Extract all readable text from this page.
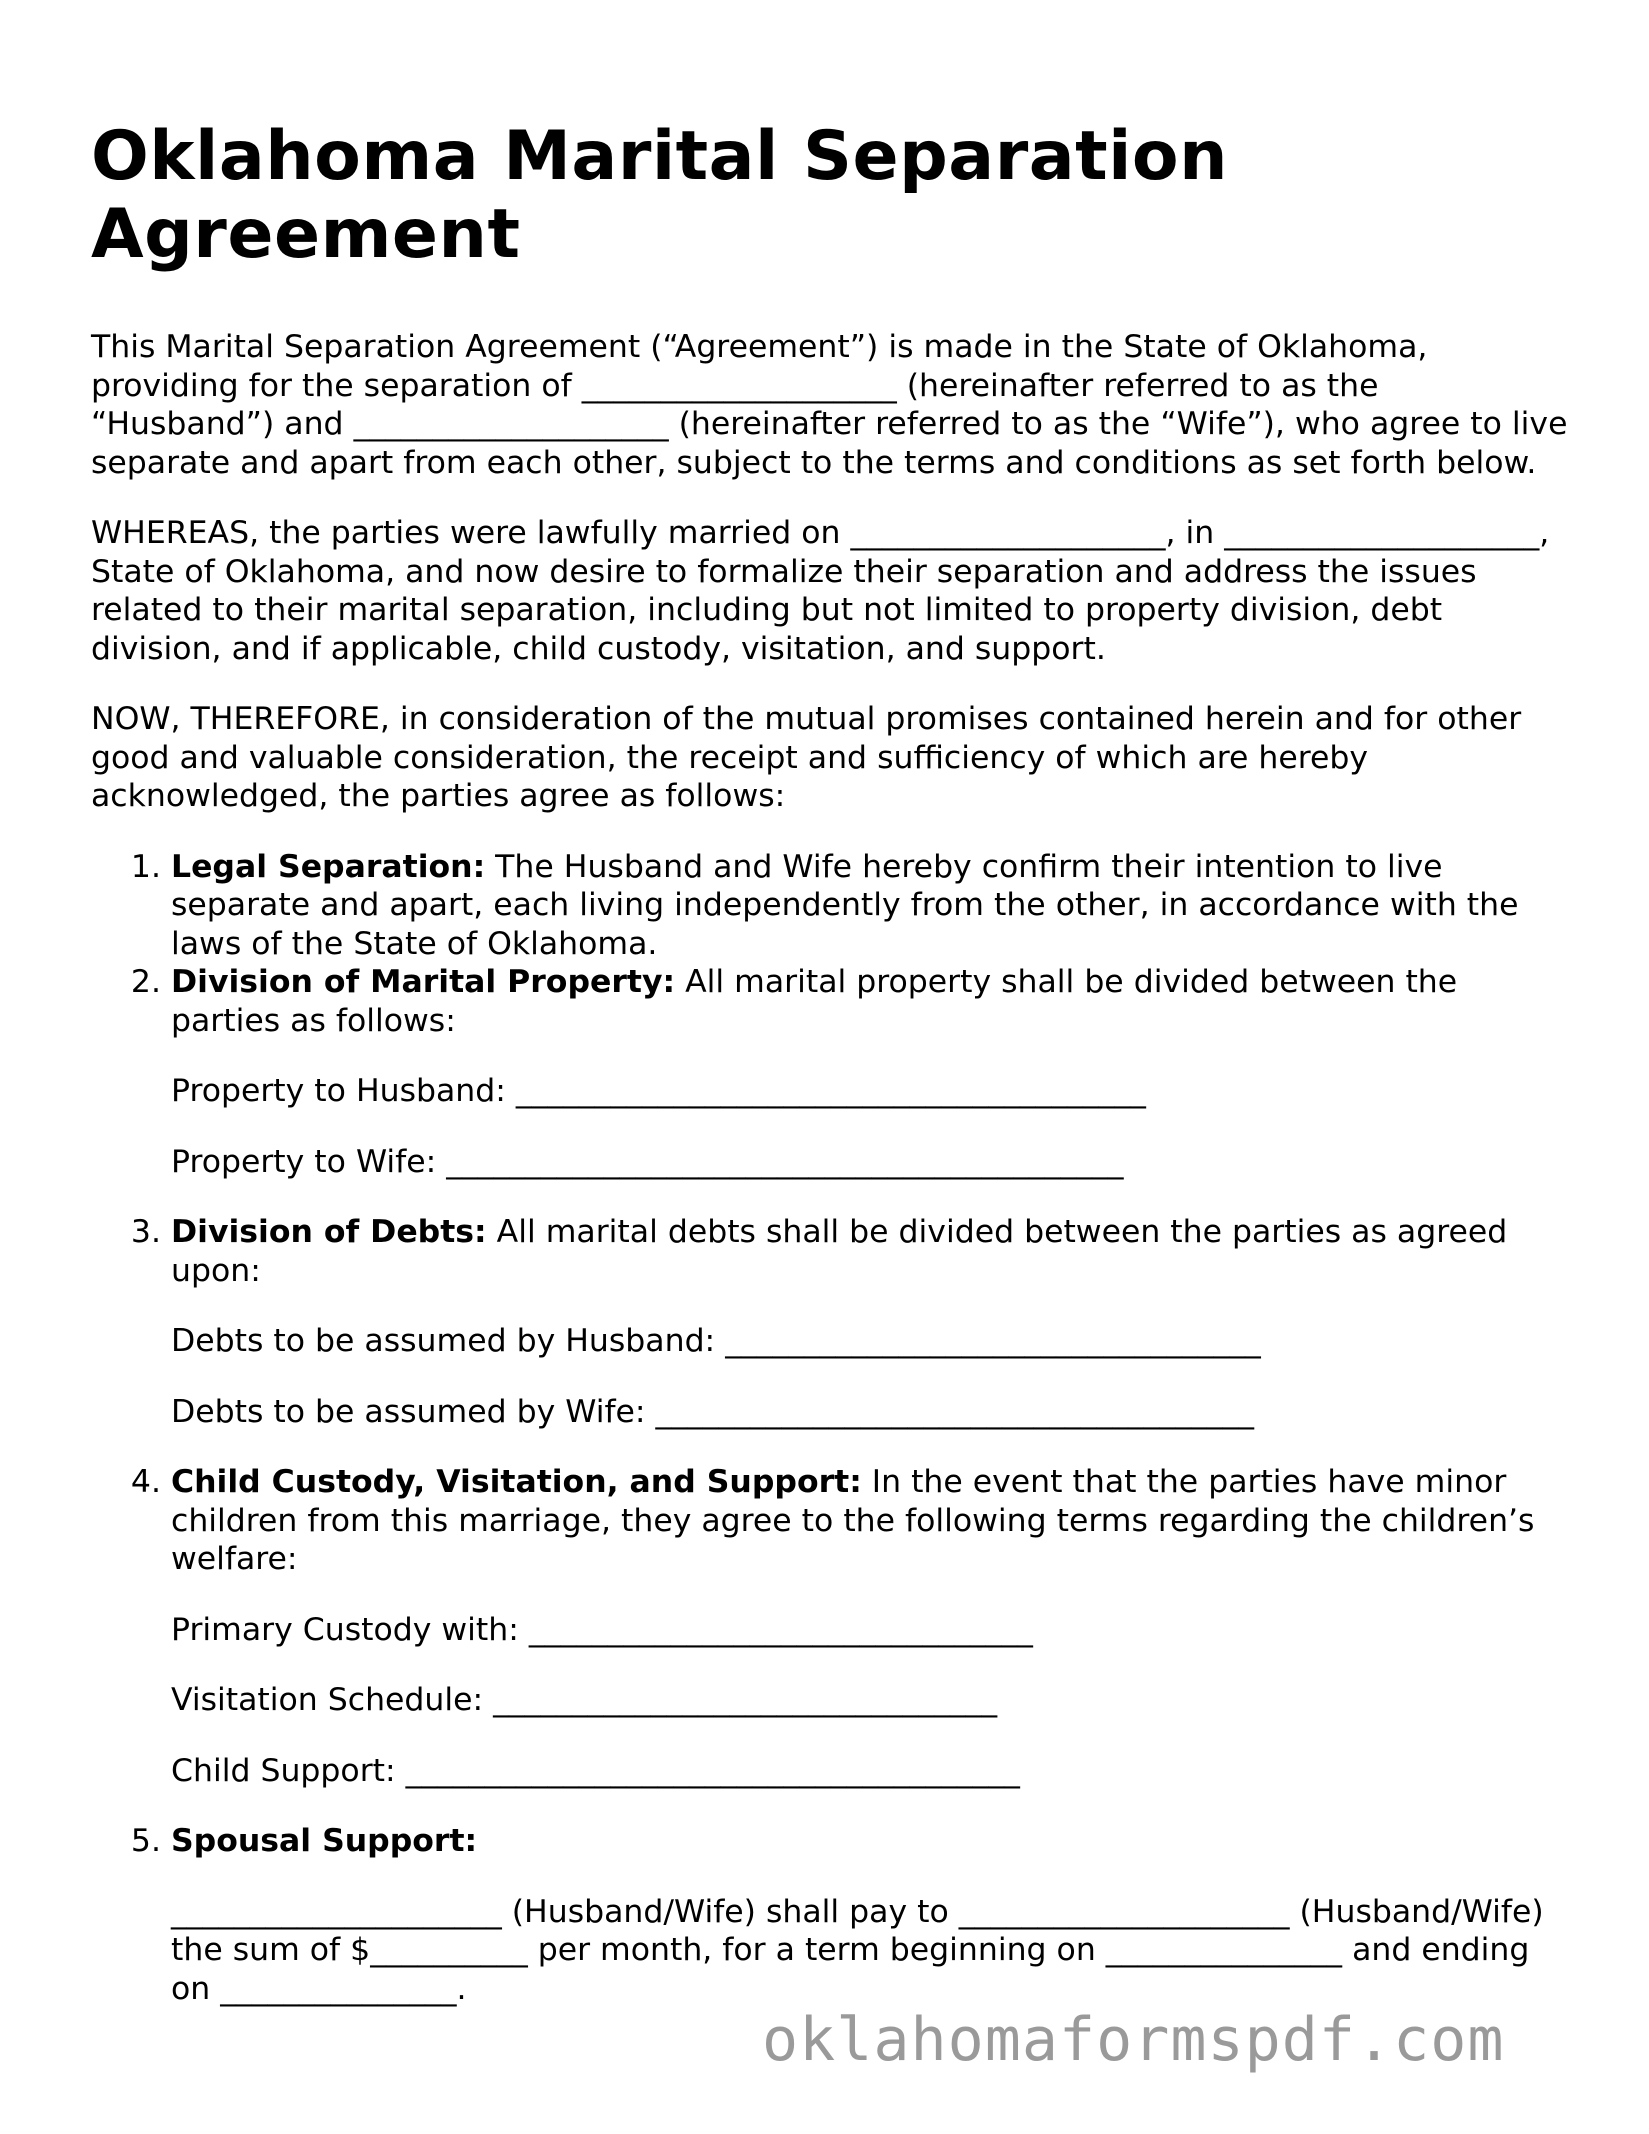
Oklahoma Marital Separation Agreement

This Marital Separation Agreement (“Agreement”) is made in the State of Oklahoma, providing for the separation of ____________________ (hereinafter referred to as the “Husband”) and ____________________ (hereinafter referred to as the “Wife”), who agree to live separate and apart from each other, subject to the terms and conditions as set forth below.

WHEREAS, the parties were lawfully married on ____________________, in ____________________, State of Oklahoma, and now desire to formalize their separation and address the issues related to their marital separation, including but not limited to property division, debt division, and if applicable, child custody, visitation, and support.

NOW, THEREFORE, in consideration of the mutual promises contained herein and for other good and valuable consideration, the receipt and sufficiency of which are hereby acknowledged, the parties agree as follows:

1. Legal Separation: The Husband and Wife hereby confirm their intention to live separate and apart, each living independently from the other, in accordance with the laws of the State of Oklahoma.
2. Division of Marital Property: All marital property shall be divided between the parties as follows:

Property to Husband: ________________________________________

Property to Wife: ___________________________________________

3. Division of Debts: All marital debts shall be divided between the parties as agreed upon:

Debts to be assumed by Husband: __________________________________

Debts to be assumed by Wife: ______________________________________

4. Child Custody, Visitation, and Support: In the event that the parties have minor children from this marriage, they agree to the following terms regarding the children’s welfare:

Primary Custody with: ________________________________

Visitation Schedule: ________________________________

Child Support: _______________________________________

5. Spousal Support:

_____________________ (Husband/Wife) shall pay to _____________________ (Husband/Wife) the sum of $__________ per month, for a term beginning on _______________ and ending on _______________.

oklahomaformspdf.com
